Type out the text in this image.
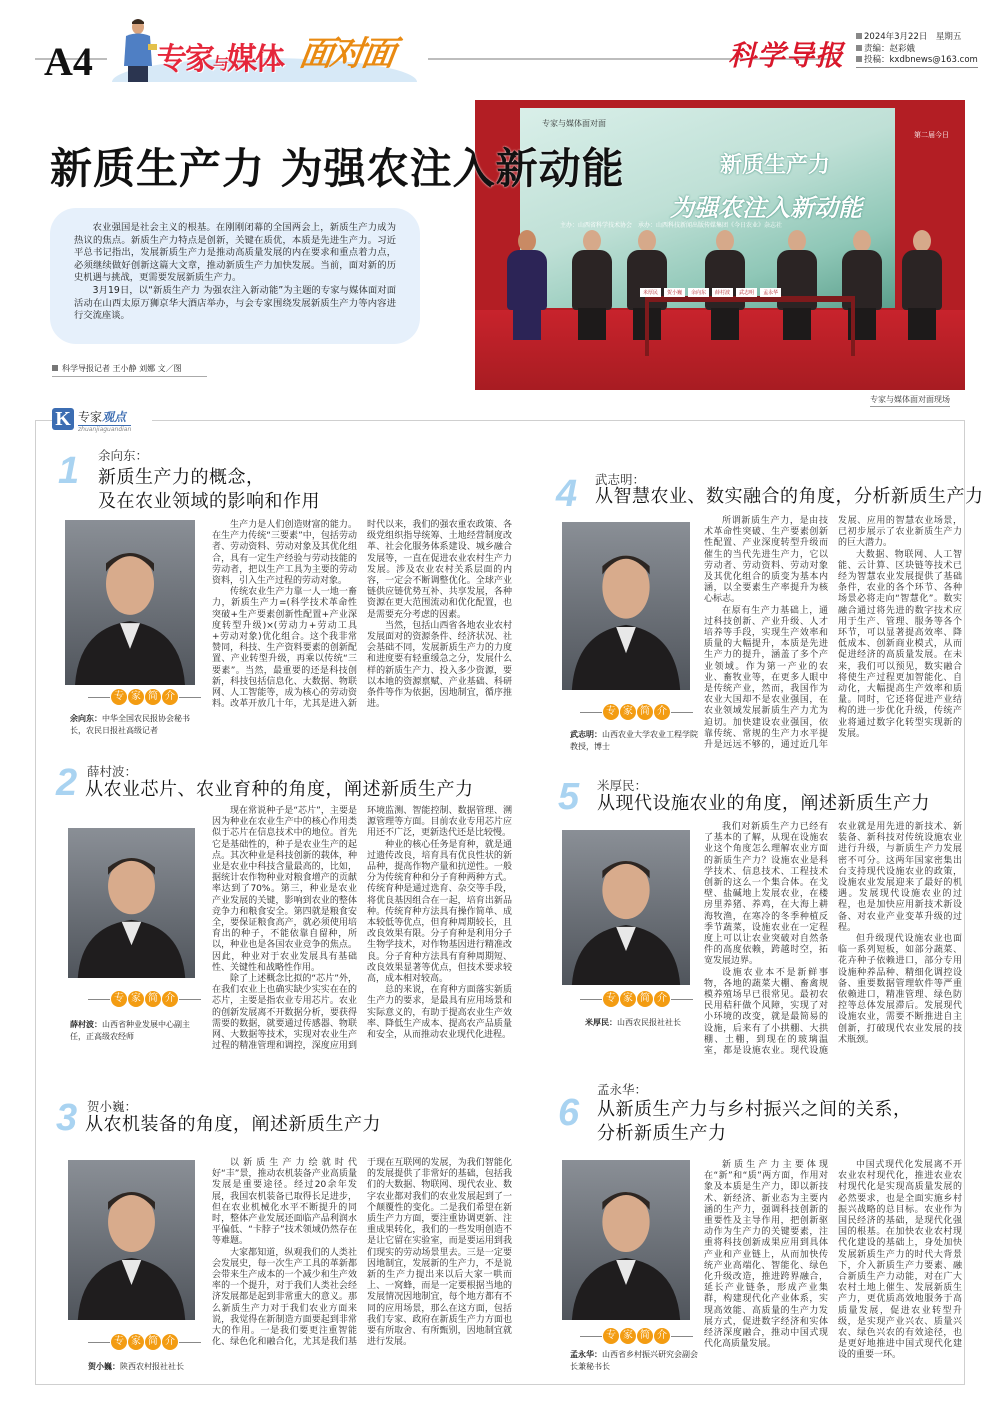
A4 专家与媒体 面对面	科学导报
2024年3月22日　星期五
责编：赵彩娥
投稿：kxdbnews@163.com
专家与媒体面对面
新质生产力
为强农注入新动能
主办：山西省科学技术协会　承办：山西科技新闻出版传媒集团《今日农业》杂志社
第二届今日
米厚民	贺小巍	余向东	薛村波	武志明	孟永华
专家与媒体面对面现场
新质生产力 为强农注入新动能

农业强国是社会主义的根基。在刚刚闭幕的全国两会上，新质生产力成为热议的焦点。新质生产力特点是创新，关键在质优，本质是先进生产力。习近平总书记指出，发展新质生产力是推动高质量发展的内在要求和重点着力点，必须继续做好创新这篇大文章，推动新质生产力加快发展。当前，面对新的历史机遇与挑战，更需要发展新质生产力。

3月19日，以“新质生产力 为强农注入新动能”为主题的专家与媒体面对面活动在山西太原万狮京华大酒店举办，与会专家围绕发展新质生产力等内容进行交流座谈。

科学导报记者 王小静 刘娜 文／图
K 专家观点
zhuanjiaguandian
1 余向东：
新质生产力的概念，
及在农业领域的影响和作用
专 家 简 介
余向东：中华全国农民报协会秘书长，农民日报社高级记者

生产力是人们创造财富的能力。在生产力传统“三要素”中，包括劳动者、劳动资料、劳动对象及其优化组合，具有一定生产经验与劳动技能的劳动者，把以生产工具为主要的劳动资料，引入生产过程的劳动对象。

传统农业生产力靠一人一地一畜力，新质生产力=(科学技术革命性突破+生产要素创新性配置+产业深度转型升级)×(劳动力+劳动工具+劳动对象)优化组合。这个我非常赞同，科技、生产资料要素的创新配置、产业转型升级，再乘以传统“三要素”。当然，最重要的还是科技创新，科技包括信息化、大数据、物联网、人工智能等，成为核心的劳动资料。改革开放几十年，尤其是进入新时代以来，我们的强农重农政策、各级党组织指导统筹、土地经营制度改革、社会化服务体系建设、城乡融合发展等，一直在促进农业农村生产力发展。涉及农业农村关系层面的内容，一定会不断调整优化。全球产业链供应链优势互补、共享发展，各种资源在更大范围流动和优化配置，也是需要充分考虑的因素。

当然，包括山西省各地农业农村发展面对的资源条件、经济状况、社会基础不同，发展新质生产力的力度和进度要有轻重缓急之分，发展什么样的新质生产力、投入多少资源，要以本地的资源禀赋、产业基础、科研条件等作为依据，因地制宜，循序推进。

2 薛村波：
从农业芯片、农业育种的角度，阐述新质生产力
专 家 简 介
薛村波：山西省种业发展中心副主任，正高级农经师

现在常说种子是“芯片”，主要是因为种业在农业生产中的核心作用类似于芯片在信息技术中的地位。首先它是基础性的，种子是农业生产的起点。其次种业是科技创新的载体，种业是农业中科技含量最高的，比如，据统计农作物种业对粮食增产的贡献率达到了70%。第三，种业是农业产业发展的关键，影响到农业的整体竞争力和粮食安全。第四就是粮食安全，要保证粮食高产，就必须使用培育出的种子，不能依靠自留种，所以，种业也是各国农业竞争的焦点。因此，种业对于农业发展具有基础性、关键性和战略性作用。

除了上述概念比拟的“芯片”外，在我们农业上也确实缺少实实在在的芯片，主要是指农业专用芯片。农业的创新发展离不开数据分析，要获得需要的数据，就要通过传感器、物联网、大数据等技术，实现对农业生产过程的精准管理和调控，深度应用到环境监测、智能控制、数据管理、溯源管理等方面。目前农业专用芯片应用还不广泛，更新迭代还是比较慢。

种业的核心任务是育种，就是通过遗传改良，培育具有优良性状的新品种，提高作物产量和抗逆性。一般分为传统育种和分子育种两种方式。传统育种是通过选育、杂交等手段，将优良基因组合在一起，培育出新品种。传统育种方法具有操作简单、成本较低等优点，但育种周期较长，且改良效果有限。分子育种是利用分子生物学技术，对作物基因进行精准改良。分子育种方法具有育种周期短、改良效果显著等优点，但技术要求较高，成本相对较高。

总的来说，在育种方面落实新质生产力的要求，是最具有应用场景和实际意义的，有助于提高农业生产效率、降低生产成本、提高农产品质量和安全，从而推动农业现代化进程。

3 贺小巍：
从农机装备的角度，阐述新质生产力
专 家 简 介
贺小巍：陕西农村报社社长

以新质生产力绘就时代好“丰”景，推动农机装备产业高质量发展是重要途径。经过20余年发展，我国农机装备已取得长足进步，但在农业机械化水平不断提升的同时，整体产业发展还面临产品利润水平偏低、“卡脖子”技术领域仍然存在等难题。

大家都知道，纵观我们的人类社会发展史，每一次生产工具的革新都会带来生产成本的一个减少和生产效率的一个提升，对于我们人类社会经济发展都是起到非常重大的意义。那么新质生产力对于我们农业方面来说，我觉得在新制造方面要起到非常大的作用。一是我们要更注重智能化、绿色化和融合化，尤其是我们基于现在互联网的发展，为我们智能化的发展提供了非常好的基础，包括我们的大数据、物联网、现代农业、数字农业都对我们的农业发展起到了一个颠覆性的变化。二是我们希望在新质生产力方面，要注重协调更新、注重成果转化，我们的一些发明创造不是让它留在实验室，而是要运用到我们现实的劳动场景里去。三是一定要因地制宜，发展新的生产力，不是说新的生产力提出来以后大家一哄而上、一窝蜂，而是一定要根据当地的发展情况因地制宜，每个地方都有不同的应用场景，那么在这方面，包括我们专家、政府在新质生产力方面也要有所取舍、有所甄别，因地制宜就进行发展。

4 武志明：
从智慧农业、数实融合的角度，分析新质生产力
专 家 简 介
武志明：山西农业大学农业工程学院教授，博士

所谓新质生产力，是由技术革命性突破、生产要素创新性配置、产业深度转型升级而催生的当代先进生产力，它以劳动者、劳动资料、劳动对象及其优化组合的质变为基本内涵，以全要素生产率提升为核心标志。

在原有生产力基础上，通过科技创新、产业升级、人才培养等手段，实现生产效率和质量的大幅提升，本质是先进生产力的提升，涵盖了多个产业领域。作为第一产业的农业、畜牧业等，在更多人眼中是传统产业，然而，我国作为农业大国却不是农业强国，在农业领域发展新质生产力尤为迫切。加快建设农业强国，依靠传统、常规的生产力水平提升是远远不够的，通过近几年发展、应用的智慧农业场景，已初步展示了农业新质生产力的巨大潜力。

大数据、物联网、人工智能、云计算、区块链等技术已经为智慧农业发展提供了基础条件，农业的各个环节、各种场景必将走向“智慧化”。数实融合通过将先进的数字技术应用于生产、管理、服务等各个环节，可以显著提高效率、降低成本、创新商业模式，从而促进经济的高质量发展。在未来，我们可以预见，数实融合将使生产过程更加智能化、自动化，大幅提高生产效率和质量。同时，它还将促进产业结构的进一步优化升级，传统产业将通过数字化转型实现新的发展。

5 米厚民：
从现代设施农业的角度，阐述新质生产力
专 家 简 介
米厚民：山西农民报社社长

我们对新质生产力已经有了基本的了解，从现在设施农业这个角度怎么理解农业方面的新质生产力？设施农业是科学技术、信息技术、工程技术创新的这么一个集合体。在戈壁、盐碱地上发展农业，在楼房里养猪、养鸡，在大海上耕海牧渔，在寒冷的冬季种植反季节蔬菜，设施农业在一定程度上可以让农业突破对自然条件的高度依赖，跨越时空，拓宽发展边界。

设施农业本不是新鲜事物，各地的蔬菜大棚、畜禽规模养殖场早已很常见。最初农民用秸秆做个风障，实现了对小环境的改变，就是最简易的设施，后来有了小拱棚、大拱棚、土棚，到现在的玻璃温室，都是设施农业。现代设施农业就是用先进的新技术、新装备、新科技对传统设施农业进行升级，与新质生产力发展密不可分。这两年国家密集出台支持现代设施农业的政策，设施农业发展迎来了最好的机遇。发展现代设施农业的过程，也是加快应用新技术新设备、对农业产业变革升级的过程。

但升级现代设施农业也面临一系列短板，如部分蔬菜、花卉种子依赖进口，部分专用设施种养品种、精细化调控设备、重要数据管理软件等严重依赖进口，精准管理、绿色防控等总体发展滞后。发展现代设施农业，需要不断推进自主创新，打破现代农业发展的技术瓶颈。

6
孟永华：
从新质生产力与乡村振兴之间的关系，
分析新质生产力
专 家 简 介
孟永华：山西省乡村振兴研究会副会长兼秘书长

新质生产力主要体现在“新”和“质”两方面，作用对象及本质是生产力，即以新技术、新经济、新业态为主要内涵的生产力，强调科技创新的重要性及主导作用，把创新驱动作为生产力的关键要素，注重将科技创新成果应用到具体产业和产业链上，从而加快传统产业高端化、智能化、绿色化升级改造，推进跨界融合，延长产业链条，形成产业集群，构建现代化产业体系，实现高效能、高质量的生产力发展方式，促进数字经济和实体经济深度融合，推动中国式现代化高质量发展。

中国式现代化发展离不开农业农村现代化，推进农业农村现代化是实现高质量发展的必然要求，也是全面实施乡村振兴战略的总目标。农业作为国民经济的基础，是现代化强国的根基。在加快农业农村现代化建设的基础上，身处加快发展新质生产力的时代大背景下，介入新质生产力要素、融合新质生产力动能，对在广大农村土地上催生、发展新质生产力，更优质高效地服务于高质量发展，促进农业转型升级，是实现产业兴农、质量兴农、绿色兴农的有效途径，也是更好地推进中国式现代化建设的重要一环。
